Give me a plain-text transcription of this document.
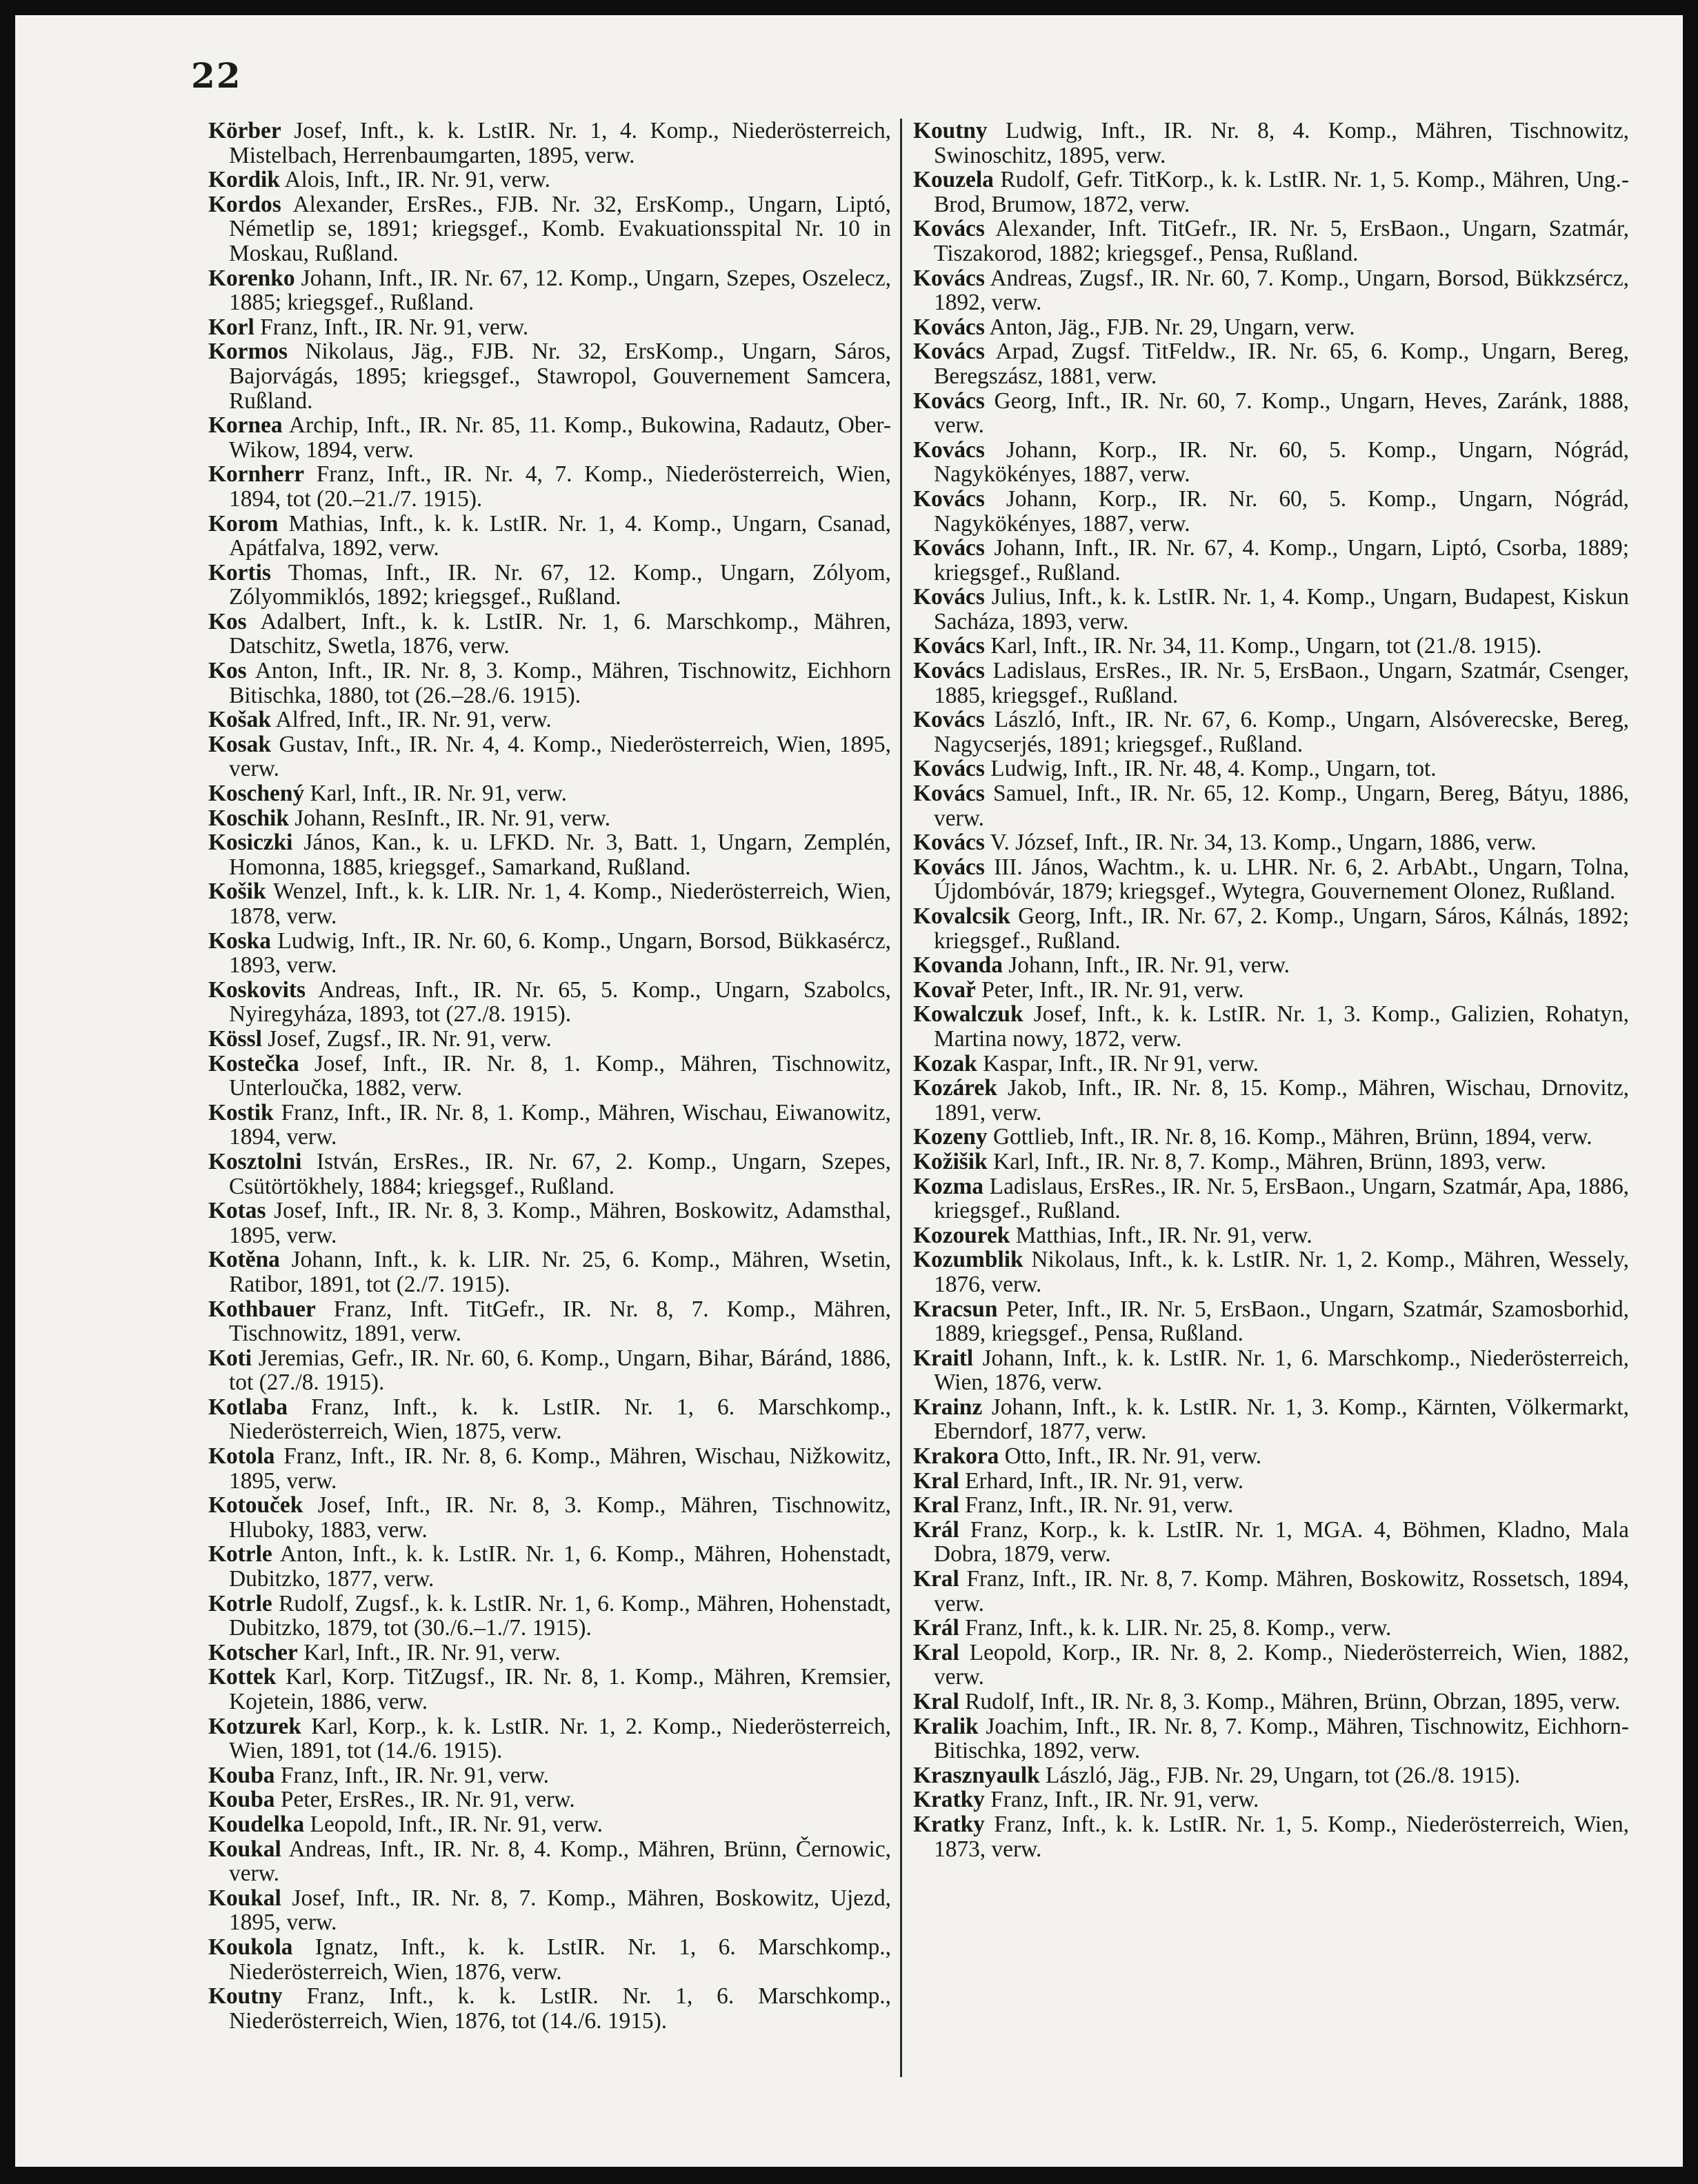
22

Körber Josef, Inft., k. k. LstIR. Nr. 1, 4. Komp., Niederösterreich, Mistelbach, Herrenbaumgarten, 1895, verw.

Kordik Alois, Inft., IR. Nr. 91, verw.

Kordos Alexander, ErsRes., FJB. Nr. 32, ErsKomp., Ungarn, Liptó, Németlip se, 1891; kriegsgef., Komb. Evakuationsspital Nr. 10 in Moskau, Rußland.

Korenko Johann, Inft., IR. Nr. 67, 12. Komp., Ungarn, Szepes, Oszelecz, 1885; kriegsgef., Rußland.

Korl Franz, Inft., IR. Nr. 91, verw.

Kormos Nikolaus, Jäg., FJB. Nr. 32, ErsKomp., Ungarn, Sáros, Bajorvágás, 1895; kriegsgef., Stawropol, Gouvernement Samcera, Rußland.

Kornea Archip, Inft., IR. Nr. 85, 11. Komp., Bukowina, Radautz, Ober-Wikow, 1894, verw.

Kornherr Franz, Inft., IR. Nr. 4, 7. Komp., Niederösterreich, Wien, 1894, tot (20.–21./7. 1915).

Korom Mathias, Inft., k. k. LstIR. Nr. 1, 4. Komp., Ungarn, Csanad, Apátfalva, 1892, verw.

Kortis Thomas, Inft., IR. Nr. 67, 12. Komp., Ungarn, Zólyom, Zólyommiklós, 1892; kriegsgef., Rußland.

Kos Adalbert, Inft., k. k. LstIR. Nr. 1, 6. Marschkomp., Mähren, Datschitz, Swetla, 1876, verw.

Kos Anton, Inft., IR. Nr. 8, 3. Komp., Mähren, Tischnowitz, Eichhorn Bitischka, 1880, tot (26.–28./6. 1915).

Košak Alfred, Inft., IR. Nr. 91, verw.

Kosak Gustav, Inft., IR. Nr. 4, 4. Komp., Niederösterreich, Wien, 1895, verw.

Koschený Karl, Inft., IR. Nr. 91, verw.

Koschik Johann, ResInft., IR. Nr. 91, verw.

Kosiczki János, Kan., k. u. LFKD. Nr. 3, Batt. 1, Ungarn, Zemplén, Homonna, 1885, kriegsgef., Samarkand, Rußland.

Košik Wenzel, Inft., k. k. LIR. Nr. 1, 4. Komp., Niederösterreich, Wien, 1878, verw.

Koska Ludwig, Inft., IR. Nr. 60, 6. Komp., Ungarn, Borsod, Bükkasércz, 1893, verw.

Koskovits Andreas, Inft., IR. Nr. 65, 5. Komp., Ungarn, Szabolcs, Nyiregyháza, 1893, tot (27./8. 1915).

Kössl Josef, Zugsf., IR. Nr. 91, verw.

Kostečka Josef, Inft., IR. Nr. 8, 1. Komp., Mähren, Tischnowitz, Unterloučka, 1882, verw.

Kostik Franz, Inft., IR. Nr. 8, 1. Komp., Mähren, Wischau, Eiwanowitz, 1894, verw.

Kosztolni István, ErsRes., IR. Nr. 67, 2. Komp., Ungarn, Szepes, Csütörtökhely, 1884; kriegsgef., Rußland.

Kotas Josef, Inft., IR. Nr. 8, 3. Komp., Mähren, Boskowitz, Adamsthal, 1895, verw.

Kotěna Johann, Inft., k. k. LIR. Nr. 25, 6. Komp., Mähren, Wsetin, Ratibor, 1891, tot (2./7. 1915).

Kothbauer Franz, Inft. TitGefr., IR. Nr. 8, 7. Komp., Mähren, Tischnowitz, 1891, verw.

Koti Jeremias, Gefr., IR. Nr. 60, 6. Komp., Ungarn, Bihar, Báránd, 1886, tot (27./8. 1915).

Kotlaba Franz, Inft., k. k. LstIR. Nr. 1, 6. Marschkomp., Niederösterreich, Wien, 1875, verw.

Kotola Franz, Inft., IR. Nr. 8, 6. Komp., Mähren, Wischau, Nižkowitz, 1895, verw.

Kotouček Josef, Inft., IR. Nr. 8, 3. Komp., Mähren, Tischnowitz, Hluboky, 1883, verw.

Kotrle Anton, Inft., k. k. LstIR. Nr. 1, 6. Komp., Mähren, Hohenstadt, Dubitzko, 1877, verw.

Kotrle Rudolf, Zugsf., k. k. LstIR. Nr. 1, 6. Komp., Mähren, Hohenstadt, Dubitzko, 1879, tot (30./6.–1./7. 1915).

Kotscher Karl, Inft., IR. Nr. 91, verw.

Kottek Karl, Korp. TitZugsf., IR. Nr. 8, 1. Komp., Mähren, Kremsier, Kojetein, 1886, verw.

Kotzurek Karl, Korp., k. k. LstIR. Nr. 1, 2. Komp., Niederösterreich, Wien, 1891, tot (14./6. 1915).

Kouba Franz, Inft., IR. Nr. 91, verw.

Kouba Peter, ErsRes., IR. Nr. 91, verw.

Koudelka Leopold, Inft., IR. Nr. 91, verw.

Koukal Andreas, Inft., IR. Nr. 8, 4. Komp., Mähren, Brünn, Černowic, verw.

Koukal Josef, Inft., IR. Nr. 8, 7. Komp., Mähren, Boskowitz, Ujezd, 1895, verw.

Koukola Ignatz, Inft., k. k. LstIR. Nr. 1, 6. Marschkomp., Niederösterreich, Wien, 1876, verw.

Koutny Franz, Inft., k. k. LstIR. Nr. 1, 6. Marschkomp., Niederösterreich, Wien, 1876, tot (14./6. 1915).

Koutny Ludwig, Inft., IR. Nr. 8, 4. Komp., Mähren, Tischnowitz, Swinoschitz, 1895, verw.

Kouzela Rudolf, Gefr. TitKorp., k. k. LstIR. Nr. 1, 5. Komp., Mähren, Ung.-Brod, Brumow, 1872, verw.

Kovács Alexander, Inft. TitGefr., IR. Nr. 5, ErsBaon., Ungarn, Szatmár, Tiszakorod, 1882; kriegsgef., Pensa, Rußland.

Kovács Andreas, Zugsf., IR. Nr. 60, 7. Komp., Ungarn, Borsod, Bükkzsércz, 1892, verw.

Kovács Anton, Jäg., FJB. Nr. 29, Ungarn, verw.

Kovács Arpad, Zugsf. TitFeldw., IR. Nr. 65, 6. Komp., Ungarn, Bereg, Beregszász, 1881, verw.

Kovács Georg, Inft., IR. Nr. 60, 7. Komp., Ungarn, Heves, Zaránk, 1888, verw.

Kovács Johann, Korp., IR. Nr. 60, 5. Komp., Ungarn, Nógrád, Nagykökényes, 1887, verw.

Kovács Johann, Korp., IR. Nr. 60, 5. Komp., Ungarn, Nógrád, Nagykökényes, 1887, verw.

Kovács Johann, Inft., IR. Nr. 67, 4. Komp., Ungarn, Liptó, Csorba, 1889; kriegsgef., Rußland.

Kovács Julius, Inft., k. k. LstIR. Nr. 1, 4. Komp., Ungarn, Budapest, Kiskun Sacháza, 1893, verw.

Kovács Karl, Inft., IR. Nr. 34, 11. Komp., Ungarn, tot (21./8. 1915).

Kovács Ladislaus, ErsRes., IR. Nr. 5, ErsBaon., Ungarn, Szatmár, Csenger, 1885, kriegsgef., Rußland.

Kovács László, Inft., IR. Nr. 67, 6. Komp., Ungarn, Alsóverecske, Bereg, Nagycserjés, 1891; kriegsgef., Rußland.

Kovács Ludwig, Inft., IR. Nr. 48, 4. Komp., Ungarn, tot.

Kovács Samuel, Inft., IR. Nr. 65, 12. Komp., Ungarn, Bereg, Bátyu, 1886, verw.

Kovács V. József, Inft., IR. Nr. 34, 13. Komp., Ungarn, 1886, verw.

Kovács III. János, Wachtm., k. u. LHR. Nr. 6, 2. ArbAbt., Ungarn, Tolna, Újdombóvár, 1879; kriegsgef., Wytegra, Gouvernement Olonez, Rußland.

Kovalcsik Georg, Inft., IR. Nr. 67, 2. Komp., Ungarn, Sáros, Kálnás, 1892; kriegsgef., Rußland.

Kovanda Johann, Inft., IR. Nr. 91, verw.

Kovař Peter, Inft., IR. Nr. 91, verw.

Kowalczuk Josef, Inft., k. k. LstIR. Nr. 1, 3. Komp., Galizien, Rohatyn, Martina nowy, 1872, verw.

Kozak Kaspar, Inft., IR. Nr 91, verw.

Kozárek Jakob, Inft., IR. Nr. 8, 15. Komp., Mähren, Wischau, Drnovitz, 1891, verw.

Kozeny Gottlieb, Inft., IR. Nr. 8, 16. Komp., Mähren, Brünn, 1894, verw.

Kožišik Karl, Inft., IR. Nr. 8, 7. Komp., Mähren, Brünn, 1893, verw.

Kozma Ladislaus, ErsRes., IR. Nr. 5, ErsBaon., Ungarn, Szatmár, Apa, 1886, kriegsgef., Rußland.

Kozourek Matthias, Inft., IR. Nr. 91, verw.

Kozumblik Nikolaus, Inft., k. k. LstIR. Nr. 1, 2. Komp., Mähren, Wessely, 1876, verw.

Kracsun Peter, Inft., IR. Nr. 5, ErsBaon., Ungarn, Szatmár, Szamosborhid, 1889, kriegsgef., Pensa, Rußland.

Kraitl Johann, Inft., k. k. LstIR. Nr. 1, 6. Marschkomp., Niederösterreich, Wien, 1876, verw.

Krainz Johann, Inft., k. k. LstIR. Nr. 1, 3. Komp., Kärnten, Völkermarkt, Eberndorf, 1877, verw.

Krakora Otto, Inft., IR. Nr. 91, verw.

Kral Erhard, Inft., IR. Nr. 91, verw.

Kral Franz, Inft., IR. Nr. 91, verw.

Král Franz, Korp., k. k. LstIR. Nr. 1, MGA. 4, Böhmen, Kladno, Mala Dobra, 1879, verw.

Kral Franz, Inft., IR. Nr. 8, 7. Komp. Mähren, Boskowitz, Rossetsch, 1894, verw.

Král Franz, Inft., k. k. LIR. Nr. 25, 8. Komp., verw.

Kral Leopold, Korp., IR. Nr. 8, 2. Komp., Niederösterreich, Wien, 1882, verw.

Kral Rudolf, Inft., IR. Nr. 8, 3. Komp., Mähren, Brünn, Obrzan, 1895, verw.

Kralik Joachim, Inft., IR. Nr. 8, 7. Komp., Mähren, Tischnowitz, Eichhorn-Bitischka, 1892, verw.

Krasznyaulk László, Jäg., FJB. Nr. 29, Ungarn, tot (26./8. 1915).

Kratky Franz, Inft., IR. Nr. 91, verw.

Kratky Franz, Inft., k. k. LstIR. Nr. 1, 5. Komp., Niederösterreich, Wien, 1873, verw.
